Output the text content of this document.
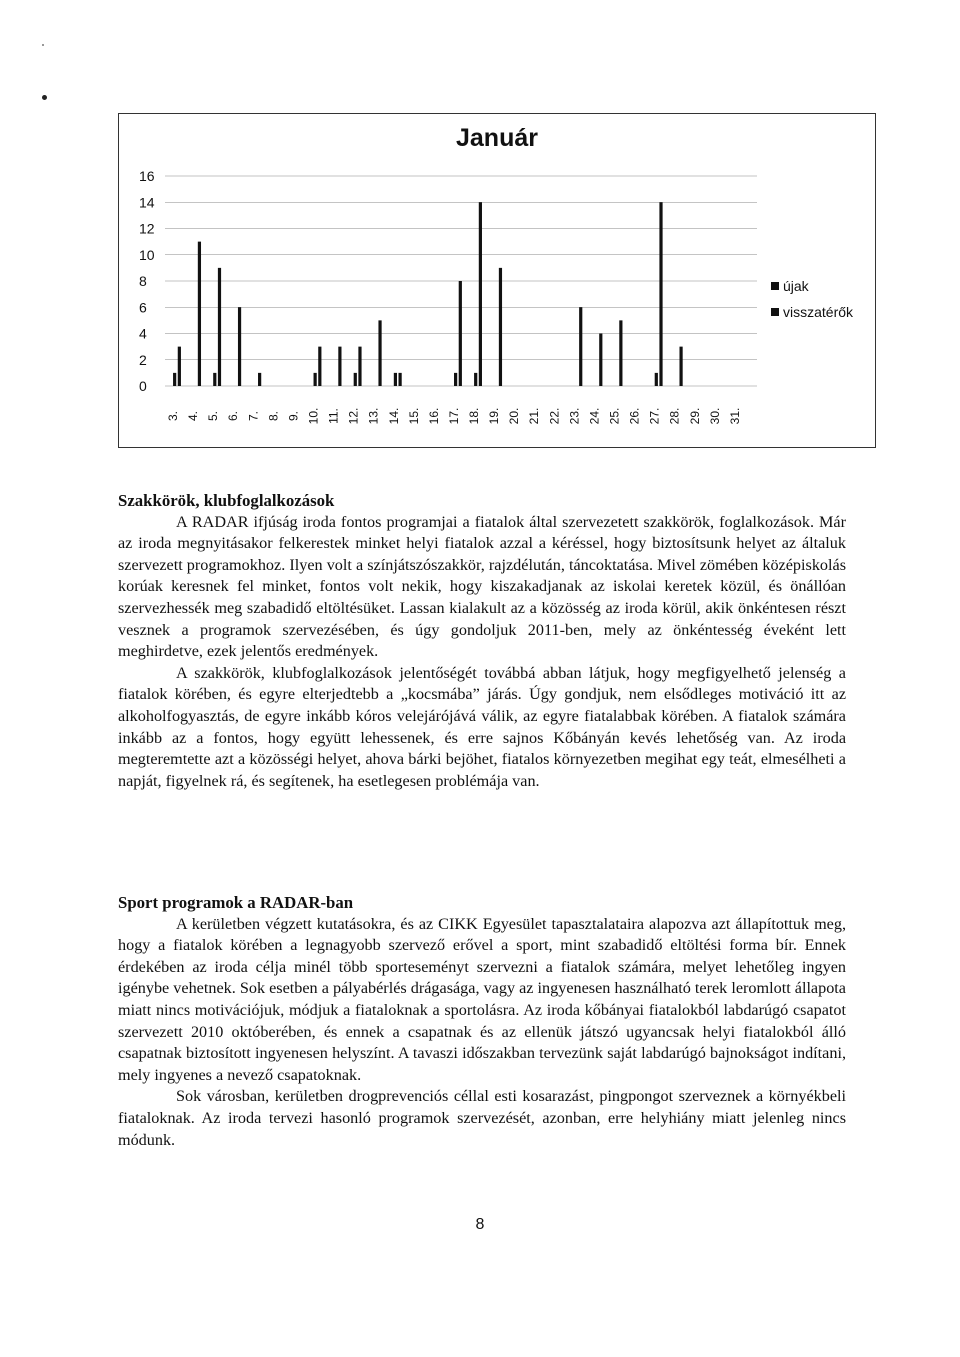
Január
0
2
4
6
8
10
12
14
16
3. 4. 5. 6. 7. 8. 9. 10. 11. 12. 13. 14. 15. 16. 17. 18. 19. 20. 21. 22. 23. 24. 25. 26. 27. 28. 29. 30. 31.
újak
visszatérők
Szakkörök, klubfoglalkozások

A RADAR ifjúság iroda fontos programjai a fiatalok által szervezetett szakkörök, foglalkozások. Már az iroda megnyitásakor felkerestek minket helyi fiatalok azzal a kéréssel, hogy biztosítsunk helyet az általuk szervezett programokhoz. Ilyen volt a színjátszószakkör, rajzdélután, táncoktatása. Mivel zömében középiskolás korúak keresnek fel minket, fontos volt nekik, hogy kiszakadjanak az iskolai keretek közül, és önállóan szervezhessék meg szabadidő eltöltésüket. Lassan kialakult az a közösség az iroda körül, akik önkéntesen részt vesznek a programok szervezésében, és úgy gondoljuk 2011-ben, mely az önkéntesség éveként lett meghirdetve, ezek jelentős eredmények.

A szakkörök, klubfoglalkozások jelentőségét továbbá abban látjuk, hogy megfigyelhető jelenség a fiatalok körében, és egyre elterjedtebb a „kocsmába” járás. Úgy gondjuk, nem elsődleges motiváció itt az alkoholfogyasztás, de egyre inkább kóros velejárójává válik, az egyre fiatalabbak körében. A fiatalok számára inkább az a fontos, hogy együtt lehessenek, és erre sajnos Kőbányán kevés lehetőség van. Az iroda megteremtette azt a közösségi helyet, ahova bárki bejöhet, fiatalos környezetben megihat egy teát, elmesélheti a napját, figyelnek rá, és segítenek, ha esetlegesen problémája van.

Sport programok a RADAR-ban

A kerületben végzett kutatásokra, és az CIKK Egyesület tapasztalataira alapozva azt állapítottuk meg, hogy a fiatalok körében a legnagyobb szervező erővel a sport, mint szabadidő eltöltési forma bír. Ennek érdekében az iroda célja minél több sporteseményt szervezni a fiatalok számára, melyet lehetőleg ingyen igénybe vehetnek. Sok esetben a pályabérlés drágasága, vagy az ingyenesen használható terek leromlott állapota miatt nincs motivációjuk, módjuk a fiataloknak a sportolásra. Az iroda kőbányai fiatalokból labdarúgó csapatot szervezett 2010 októberében, és ennek a csapatnak és az ellenük játszó ugyancsak helyi fiatalokból álló csapatnak biztosított ingyenesen helyszínt. A tavaszi időszakban tervezünk saját labdarúgó bajnokságot indítani, mely ingyenes a nevező csapatoknak.

Sok városban, kerületben drogprevenciós céllal esti kosarazást, pingpongot szerveznek a környékbeli fiataloknak. Az iroda tervezi hasonló programok szervezését, azonban, erre helyhiány miatt jelenleg nincs módunk.

8
